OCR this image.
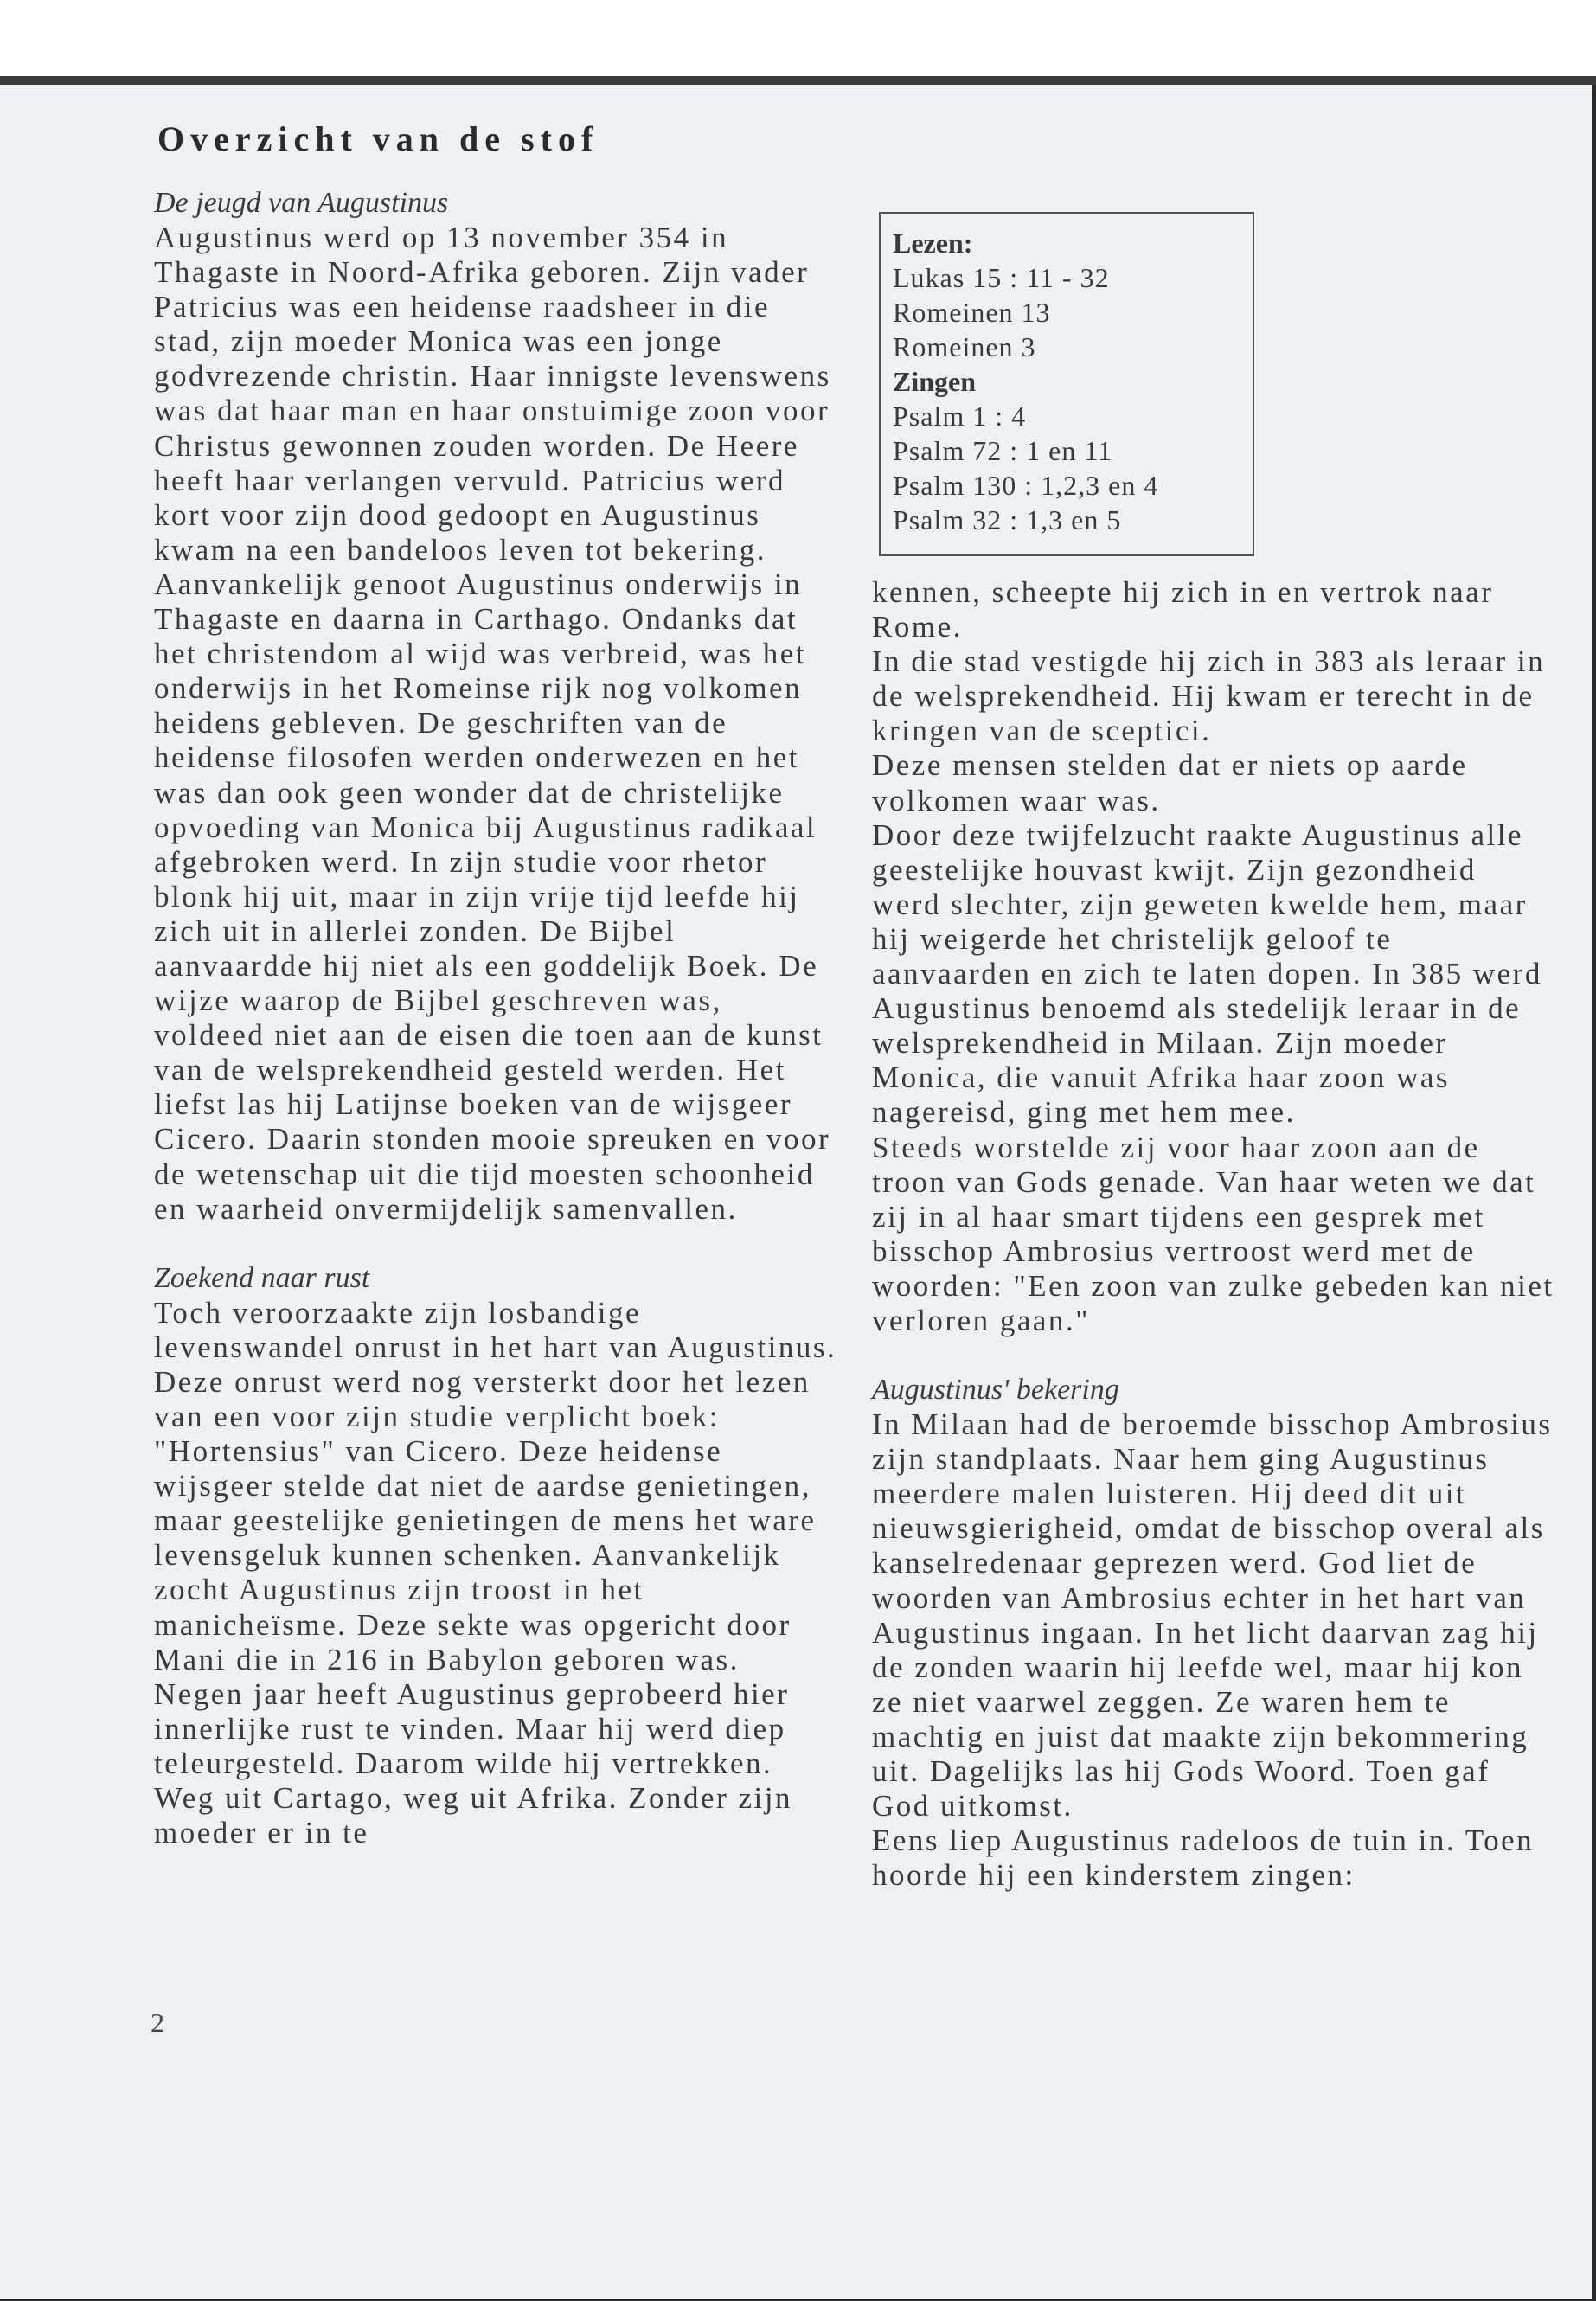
Overzicht van de stof

De jeugd van Augustinus

Augustinus werd op 13 november 354 in Thagaste in Noord-Afrika geboren. Zijn vader Patricius was een heidense raadsheer in die stad, zijn moeder Monica was een jonge godvrezende christin. Haar innigste levenswens was dat haar man en haar onstuimige zoon voor Christus gewonnen zouden worden. De Heere heeft haar verlangen vervuld. Patricius werd kort voor zijn dood gedoopt en Augustinus kwam na een bandeloos leven tot bekering.

Aanvankelijk genoot Augustinus onderwijs in Thagaste en daarna in Carthago. Ondanks dat het christendom al wijd was verbreid, was het onderwijs in het Romeinse rijk nog volkomen heidens gebleven. De geschriften van de heidense filosofen werden onderwezen en het was dan ook geen wonder dat de christelijke opvoeding van Monica bij Augustinus radikaal afgebroken werd. In zijn studie voor rhetor blonk hij uit, maar in zijn vrije tijd leefde hij zich uit in allerlei zonden. De Bijbel aanvaardde hij niet als een goddelijk Boek. De wijze waarop de Bijbel geschreven was, voldeed niet aan de eisen die toen aan de kunst van de welsprekendheid gesteld werden. Het liefst las hij Latijnse boeken van de wijsgeer Cicero. Daarin stonden mooie spreuken en voor de wetenschap uit die tijd moesten schoonheid en waarheid onvermijdelijk samenvallen.

Zoekend naar rust

Toch veroorzaakte zijn losbandige levenswandel onrust in het hart van Augustinus. Deze onrust werd nog versterkt door het lezen van een voor zijn studie verplicht boek: "Hortensius" van Cicero. Deze heidense wijsgeer stelde dat niet de aardse genietingen, maar geestelijke genietingen de mens het ware levensgeluk kunnen schenken. Aanvankelijk zocht Augustinus zijn troost in het manicheïsme. Deze sekte was opgericht door Mani die in 216 in Babylon geboren was. Negen jaar heeft Augustinus geprobeerd hier innerlijke rust te vinden. Maar hij werd diep teleurgesteld. Daarom wilde hij vertrekken. Weg uit Cartago, weg uit Afrika. Zonder zijn moeder er in te

Lezen:

Lukas 15 : 11 - 32

Romeinen 13

Romeinen 3

Zingen

Psalm 1 : 4

Psalm 72 : 1 en 11

Psalm 130 : 1,2,3 en 4

Psalm 32 : 1,3 en 5

kennen, scheepte hij zich in en vertrok naar Rome.

In die stad vestigde hij zich in 383 als leraar in de welsprekendheid. Hij kwam er terecht in de kringen van de sceptici.

Deze mensen stelden dat er niets op aarde volkomen waar was.

Door deze twijfelzucht raakte Augustinus alle geestelijke houvast kwijt. Zijn gezondheid werd slechter, zijn geweten kwelde hem, maar hij weigerde het christelijk geloof te aanvaarden en zich te laten dopen. In 385 werd Augustinus benoemd als stedelijk leraar in de welsprekendheid in Milaan. Zijn moeder Monica, die vanuit Afrika haar zoon was nagereisd, ging met hem mee.

Steeds worstelde zij voor haar zoon aan de troon van Gods genade. Van haar weten we dat zij in al haar smart tijdens een gesprek met bisschop Ambrosius vertroost werd met de woorden: "Een zoon van zulke gebeden kan niet verloren gaan."

Augustinus' bekering

In Milaan had de beroemde bisschop Ambrosius zijn standplaats. Naar hem ging Augustinus meerdere malen luisteren. Hij deed dit uit nieuwsgierigheid, omdat de bisschop overal als kanselredenaar geprezen werd. God liet de woorden van Ambrosius echter in het hart van Augustinus ingaan. In het licht daarvan zag hij de zonden waarin hij leefde wel, maar hij kon ze niet vaarwel zeggen. Ze waren hem te machtig en juist dat maakte zijn bekommering uit. Dagelijks las hij Gods Woord. Toen gaf God uitkomst.

Eens liep Augustinus radeloos de tuin in. Toen hoorde hij een kinderstem zingen:

2
